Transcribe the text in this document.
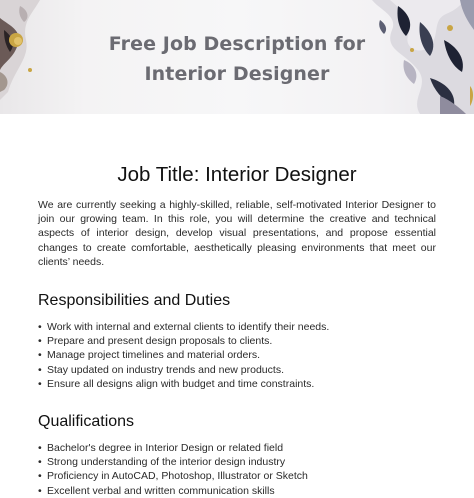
Free Job Description for

Interior Designer

Job Title: Interior Designer

We are currently seeking a highly-skilled, reliable, self-motivated Interior Designer to join our growing team. In this role, you will determine the creative and technical aspects of interior design, develop visual presentations, and propose essential changes to create comfortable, aesthetically pleasing environments that meet our clients’ needs.

Responsibilities and Duties
• Work with internal and external clients to identify their needs.
• Prepare and present design proposals to clients.
• Manage project timelines and material orders.
• Stay updated on industry trends and new products.
• Ensure all designs align with budget and time constraints.
Qualifications
• Bachelor's degree in Interior Design or related field
• Strong understanding of the interior design industry
• Proficiency in AutoCAD, Photoshop, Illustrator or Sketch
• Excellent verbal and written communication skills
